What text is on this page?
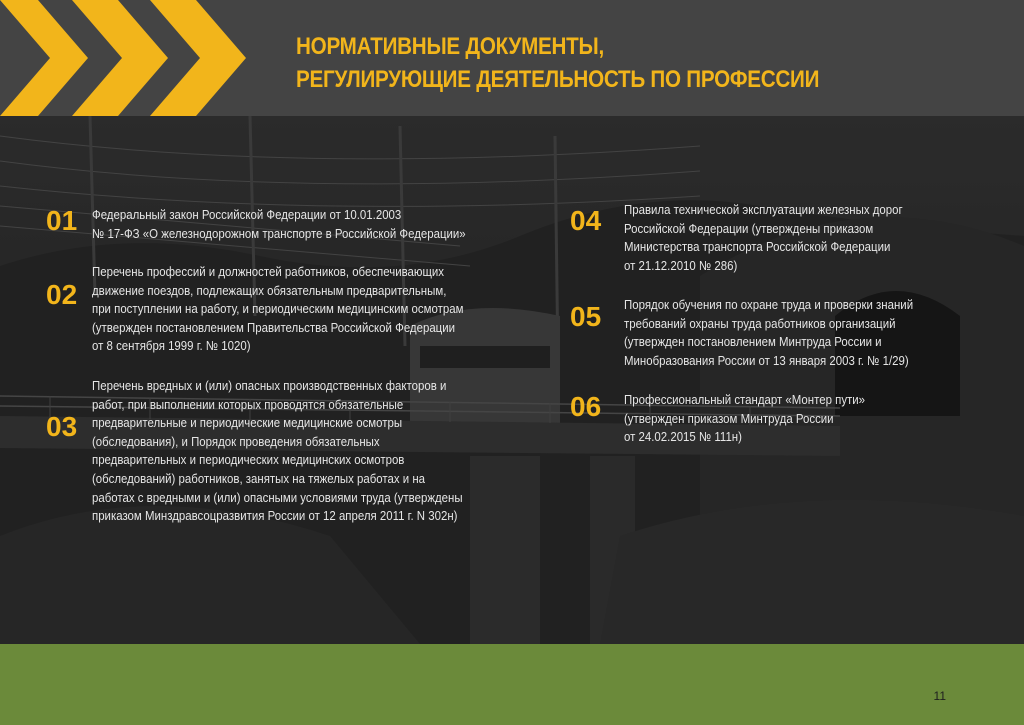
НОРМАТИВНЫЕ ДОКУМЕНТЫ,
РЕГУЛИРУЮЩИЕ ДЕЯТЕЛЬНОСТЬ ПО ПРОФЕССИИ
01 Федеральный закон Российской Федерации от 10.01.2003
№ 17-ФЗ «О железнодорожном транспорте в Российской Федерации»
02
Перечень профессий и должностей работников, обеспечивающих
движение поездов, подлежащих обязательным предварительным,
при поступлении на работу, и периодическим медицинским осмотрам
(утвержден постановлением Правительства Российской Федерации
от 8 сентября 1999 г. № 1020)
03
Перечень вредных и (или) опасных производственных факторов и
работ, при выполнении которых проводятся обязательные
предварительные и периодические медицинские осмотры
(обследования), и Порядок проведения обязательных
предварительных и периодических медицинских осмотров
(обследований) работников, занятых на тяжелых работах и на
работах с вредными и (или) опасными условиями труда (утверждены
приказом Минздравсоцразвития России от 12 апреля 2011 г. N 302н)
04 Правила технической эксплуатации железных дорог
Российской Федерации (утверждены приказом
Министерства транспорта Российской Федерации
от 21.12.2010 № 286)
05 Порядок обучения по охране труда и проверки знаний
требований охраны труда работников организаций
(утвержден постановлением Минтруда России и
Минобразования России от 13 января 2003 г. № 1/29)
06 Профессиональный стандарт «Монтер пути»
(утвержден приказом Минтруда России
от 24.02.2015 № 111н)
11
